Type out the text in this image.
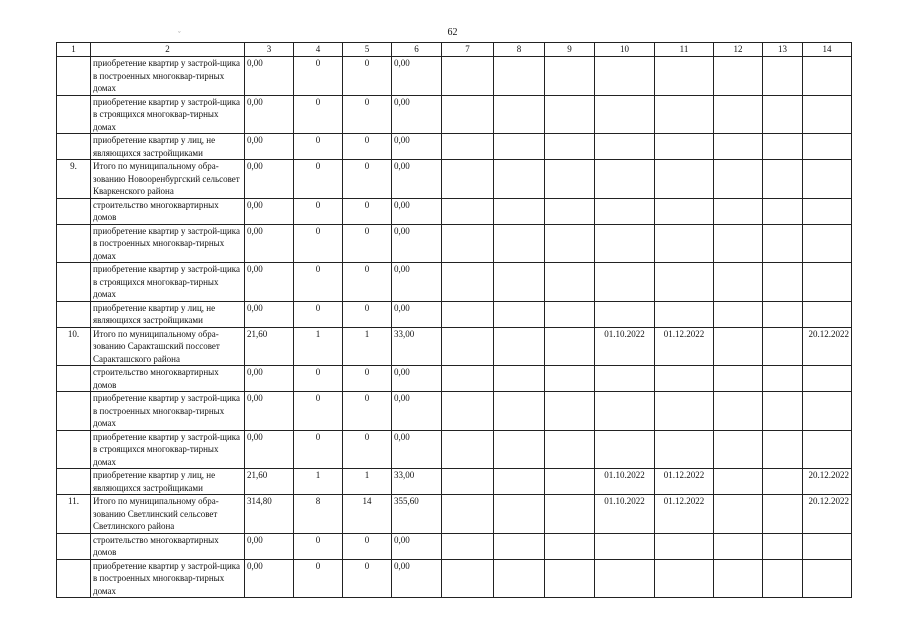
62
ˇ
1	2	3	4	5	6	7	8	9	10	11	12	13	14
	приобретение квартир у застрой-щика в построенных многоквар-тирных домах	0,00	0	0	0,00								
	приобретение квартир у застрой-щика в строящихся многоквар-тирных домах	0,00	0	0	0,00								
	приобретение квартир у лиц, не являющихся застройщиками	0,00	0	0	0,00								
9.	Итого по муниципальному обра-зованию Новооренбургский сельсовет Кваркенского района	0,00	0	0	0,00								
	строительство многоквартирных домов	0,00	0	0	0,00								
	приобретение квартир у застрой-щика в построенных многоквар-тирных домах	0,00	0	0	0,00								
	приобретение квартир у застрой-щика в строящихся многоквар-тирных домах	0,00	0	0	0,00								
	приобретение квартир у лиц, не являющихся застройщиками	0,00	0	0	0,00								
10.	Итого по муниципальному обра-зованию Саракташский поссовет Саракташского района	21,60	1	1	33,00				01.10.2022	01.12.2022			20.12.2022
	строительство многоквартирных домов	0,00	0	0	0,00								
	приобретение квартир у застрой-щика в построенных многоквар-тирных домах	0,00	0	0	0,00								
	приобретение квартир у застрой-щика в строящихся многоквар-тирных домах	0,00	0	0	0,00								
	приобретение квартир у лиц, не являющихся застройщиками	21,60	1	1	33,00				01.10.2022	01.12.2022			20.12.2022
11.	Итого по муниципальному обра-зованию Светлинский сельсовет Светлинского района	314,80	8	14	355,60				01.10.2022	01.12.2022			20.12.2022
	строительство многоквартирных домов	0,00	0	0	0,00								
	приобретение квартир у застрой-щика в построенных многоквар-тирных домах	0,00	0	0	0,00								
